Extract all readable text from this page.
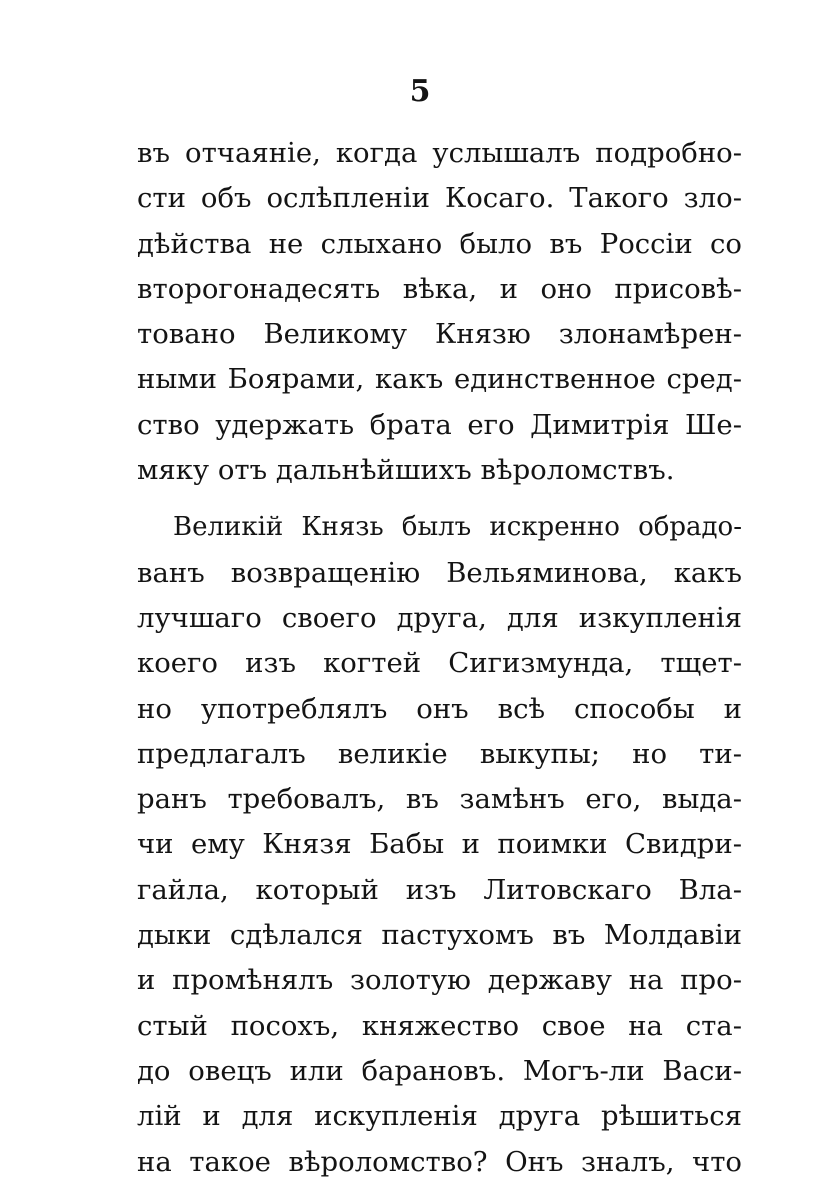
5
въ отчаяніе, когда услышалъ подробно-
сти объ ослѣпленіи Косаго. Такого зло-
дѣйства не слыхано было въ Россіи со
второгонадесять вѣка, и оно присовѣ-
товано Великому Князю злонамѣрен-
ными Боярами, какъ единственное сред-
ство удержать брата его Димитрія Ше-
мяку отъ дальнѣйшихъ вѣроломствъ.
Великій Князь былъ искренно обрадо-
ванъ возвращенію Вельяминова, какъ
лучшаго своего друга, для изкупленія
коего изъ когтей Сигизмунда, тщет-
но употреблялъ онъ всѣ способы и
предлагалъ великіе выкупы; но ти-
ранъ требовалъ, въ замѣнъ его, выда-
чи ему Князя Бабы и поимки Свидри-
гайла, который изъ Литовскаго Вла-
дыки сдѣлался пастухомъ въ Молдавіи
и промѣнялъ золотую державу на про-
стый посохъ, княжество свое на ста-
до овецъ или барановъ. Могъ-ли Васи-
лій и для искупленія друга рѣшиться
на такое вѣроломство? Онъ зналъ, что
